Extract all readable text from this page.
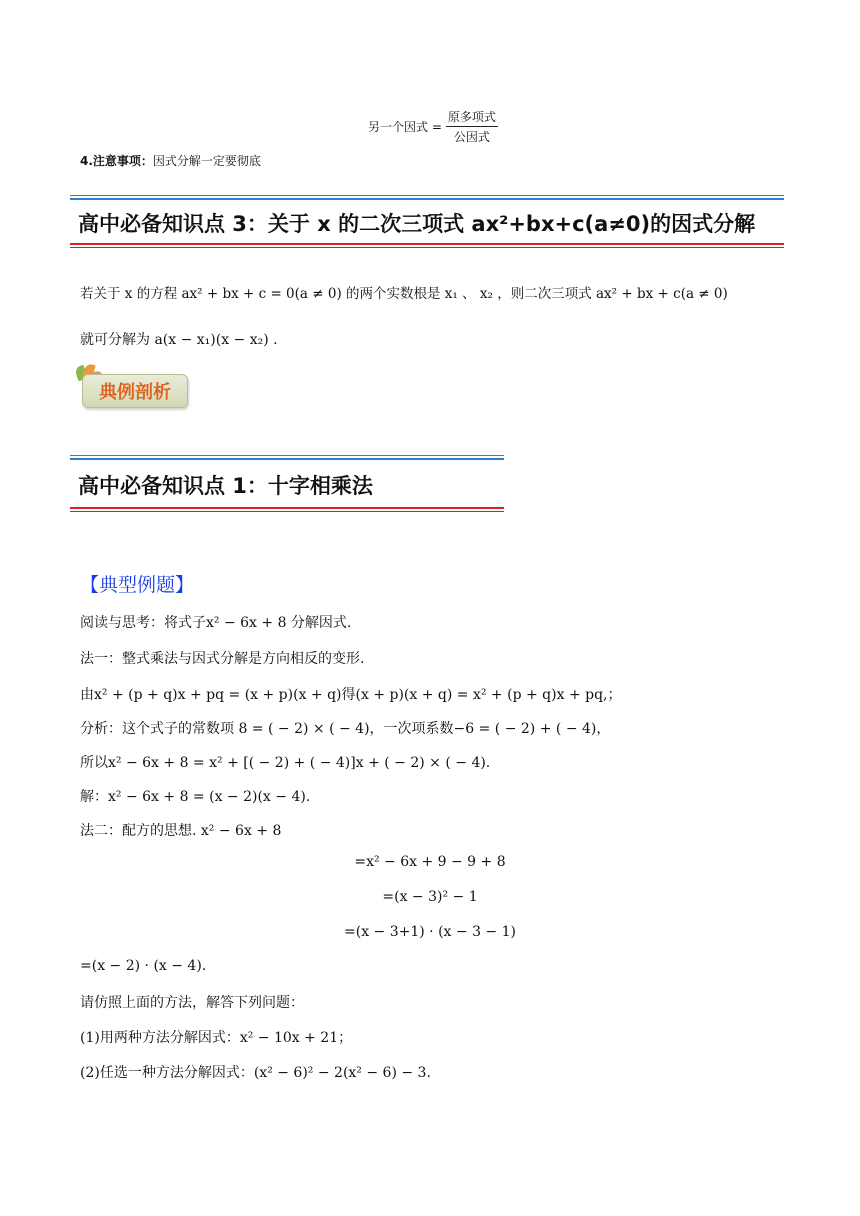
另一个因式 = $\frac{\text{原多项式}}{\text{公因式}}$
4.注意事项：因式分解一定要彻底
高中必备知识点 3：关于 x 的二次三项式 ax²+bx+c(a≠0)的因式分解
若关于 x 的方程 ax² + bx + c = 0(a ≠ 0) 的两个实数根是 x₁ 、 x₂ ，则二次三项式 ax² + bx + c(a ≠ 0)
就可分解为 a(x − x₁)(x − x₂) .
典例剖析
高中必备知识点 1：十字相乘法
【典型例题】
阅读与思考：将式子x² − 6x + 8 分解因式.
法一：整式乘法与因式分解是方向相反的变形.
由x² + (p + q)x + pq = (x + p)(x + q)得(x + p)(x + q) = x² + (p + q)x + pq,；
分析：这个式子的常数项 8 = ( − 2) × ( − 4)，一次项系数−6 = ( − 2) + ( − 4)，
所以x² − 6x + 8 = x² + [( − 2) + ( − 4)]x + ( − 2) × ( − 4).
解：x² − 6x + 8 = (x − 2)(x − 4).
法二：配方的思想. x² − 6x + 8
=x² − 6x + 9 − 9 + 8
=(x − 3)² − 1
=(x − 3+1) · (x − 3 − 1)
=(x − 2) · (x − 4).
请仿照上面的方法，解答下列问题：
(1)用两种方法分解因式：x² − 10x + 21；
(2)任选一种方法分解因式：(x² − 6)² − 2(x² − 6) − 3.
